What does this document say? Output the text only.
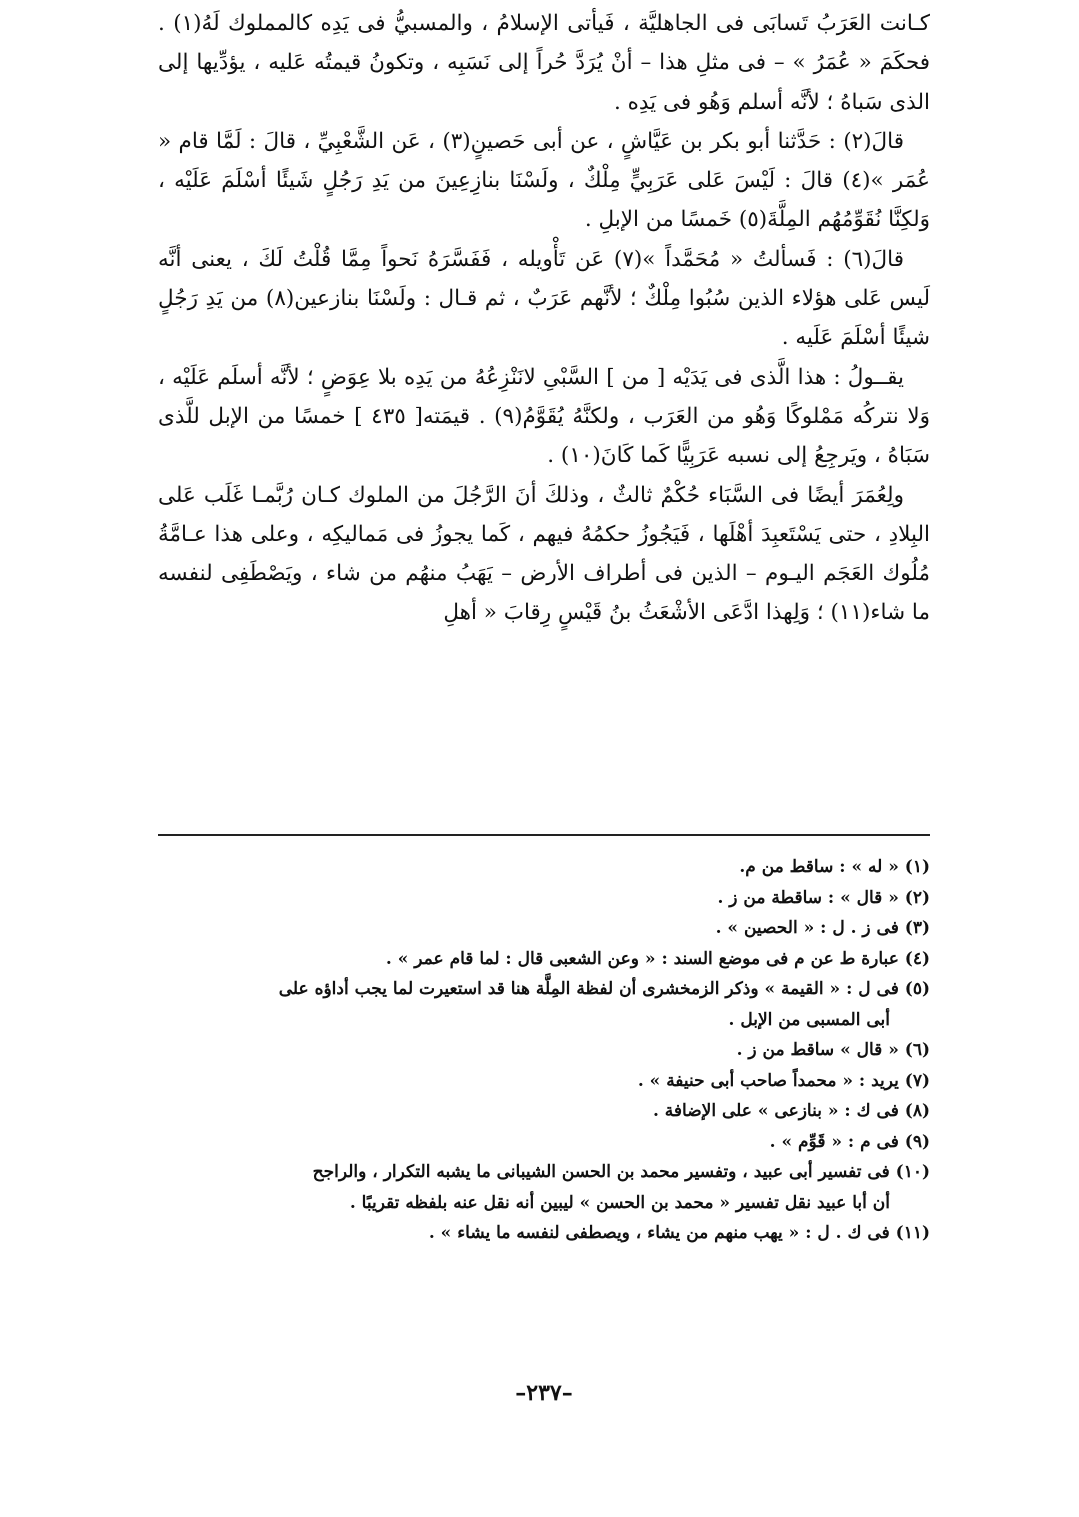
كـانت العَرَبُ تَسابَى فى الجاهليَّة ، فَيأتى الإسلامُ ، والمسبيُّ فى يَدِه كالمملوك لَهُ(١) . فحكَمَ « عُمَرُ » – فى مثلِ هذا – أنْ يُرَدَّ حُراً إلى نَسَبِه ، وتكونُ قيمتُه عَليه ، يؤدِّيها إلى الذى سَباهُ ؛ لأنَّه أسلم وَهُو فى يَدِه .

قالَ(٢) : حَدَّثنا أبو بكر بن عَيَّاشٍ ، عن أبى حَصينٍ(٣) ، عَن الشَّعْبِيِّ ، قالَ : لَمَّا قام « عُمَر »(٤) قالَ : لَيْسَ عَلى عَرَبِيٍّ مِلْكٌ ، ولَسْنَا بنازِعِينَ من يَدِ رَجُلٍ شَيئًا أسْلَمَ عَلَيْه ، وَلكِنَّا نُقَوِّمُهُم المِلَّةَ(٥) خَمسًا من الإبلِ .

قالَ(٦) : فَسألتُ « مُحَمَّداً »(٧) عَن تَأْويله ، فَفَسَّرَهُ نَحواً مِمَّا قُلْتُ لَكَ ، يعنى أنَّه لَيس عَلى هؤلاء الذين سُبُوا مِلْكٌ ؛ لأنَّهم عَرَبٌ ، ثم قـال : ولَسْنَا بنازعين(٨) من يَدِ رَجُلٍ شيئًا أسْلَمَ عَلَيه .

يقــولُ : هذا الَّذى فى يَدَيْه [ من ] السَّبْىِ لانَنْزِعُهُ من يَدِه بلا عِوَضٍ ؛ لأنَّه أسلَم عَلَيْه ، وَلا نتركُه مَمْلوكًا وَهُو من العَرَب ، ولكنَّهُ يُقَوَّمُ(٩) . قيمَته[ ٤٣٥ ] خمسًا من الإبل للَّذى سَبَاهُ ، ويَرجِعُ إلى نسبه عَرَبِيًّا كَما كَانَ(١٠) .

ولِعُمَرَ أيضًا فى السَّبَاء حُكْمٌ ثالثٌ ، وذلكَ أنَ الرَّجُلَ من الملوك كـان رُبَّمـا غَلَب عَلى البِلادِ ، حتى يَسْتَعبِدَ أهْلَها ، فَيَجُوزُ حكمُهُ فيهم ، كَما يجوزُ فى مَماليكِه ، وعلى هذا عـامَّةُ مُلُوك العَجَم اليـوم – الذين فى أطراف الأرض – يَهَبُ منهُم من شاء ، ويَصْطَفِى لنفسه ما شاء(١١) ؛ وَلِهذا ادَّعَى الأشْعَثُ بنُ قَيْسٍ رِقابَ « أهلِ

(١) « له » : ساقط من م.

(٢) « قال » : ساقطة من ز .

(٣) فى ز . ل : « الحصين » .

(٤) عبارة ط عن م فى موضع السند : « وعن الشعبى قال : لما قام عمر » .

(٥) فى ل : « القيمة » وذكر الزمخشرى أن لفظة المِلَّة هنا قد استعيرت لما يجب أداؤه على

أبى المسبى من الإبل .

(٦) « قال » ساقط من ز .

(٧) يريد : « محمداً صاحب أبى حنيفة » .

(٨) فى ك : « بنازعى » على الإضافة .

(٩) فى م : « قَوِّم » .

(١٠) فى تفسير أبى عبيد ، وتفسير محمد بن الحسن الشيبانى ما يشبه التكرار ، والراجح

أن أبا عبيد نقل تفسير « محمد بن الحسن » ليبين أنه نقل عنه بلفظه تقريبًا .

(١١) فى ك . ل : « يهب منهم من يشاء ، ويصطفى لنفسه ما يشاء » .

–٢٣٧–
